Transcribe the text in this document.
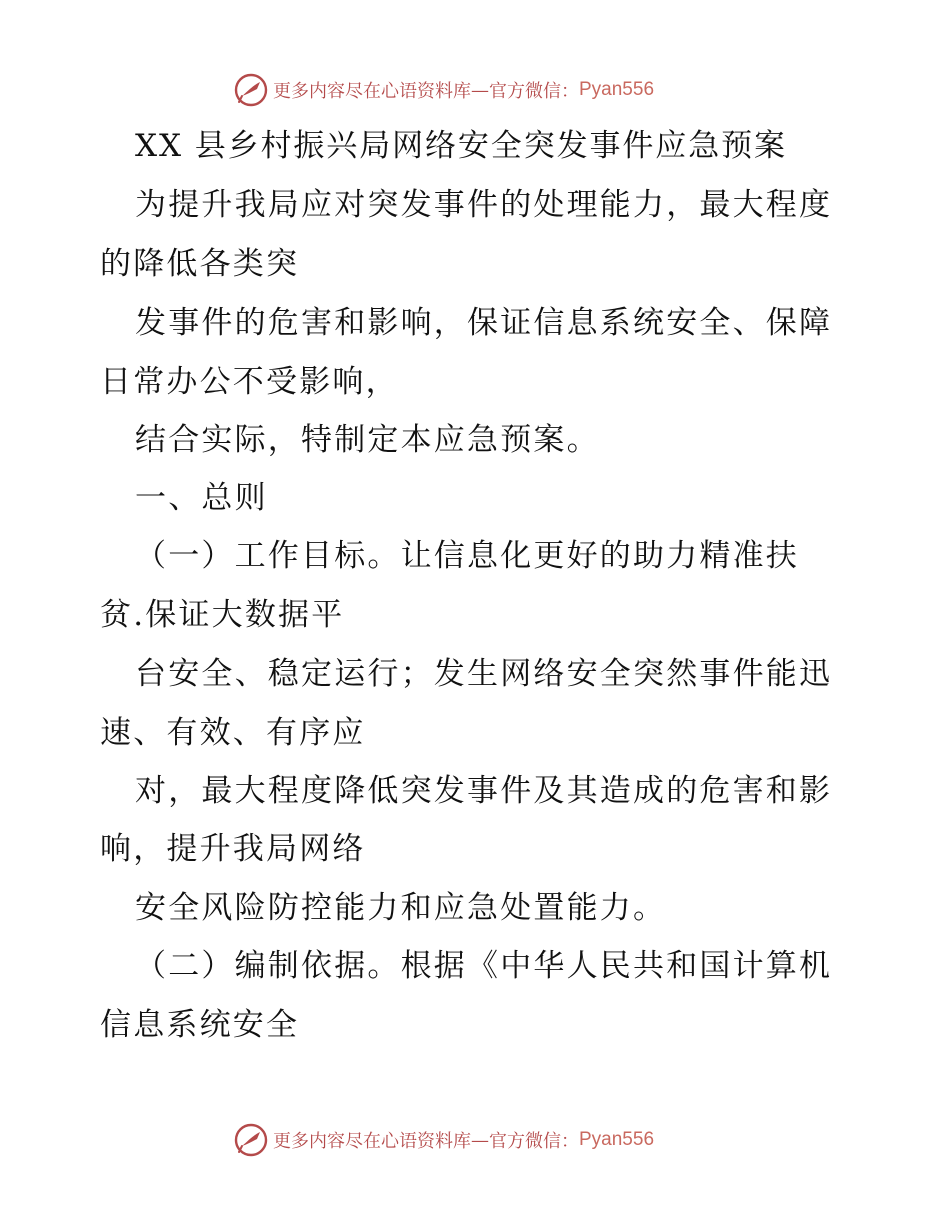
更多内容尽在心语资料库 — 官方微信： Pyan556
XX 县乡村振兴局网络安全突发事件应急预案
为提升我局应对突发事件的处理能力，最大程度
的降低各类突
发事件的危害和影响，保证信息系统安全、保障
日常办公不受影响，
结合实际，特制定本应急预案。
一、总则
（一）工作目标。让信息化更好的助力精准扶
贫.保证大数据平
台安全、稳定运行；发生网络安全突然事件能迅
速、有效、有序应
对，最大程度降低突发事件及其造成的危害和影
响，提升我局网络
安全风险防控能力和应急处置能力。
（二）编制依据。根据《中华人民共和国计算机
信息系统安全
更多内容尽在心语资料库 — 官方微信： Pyan556
